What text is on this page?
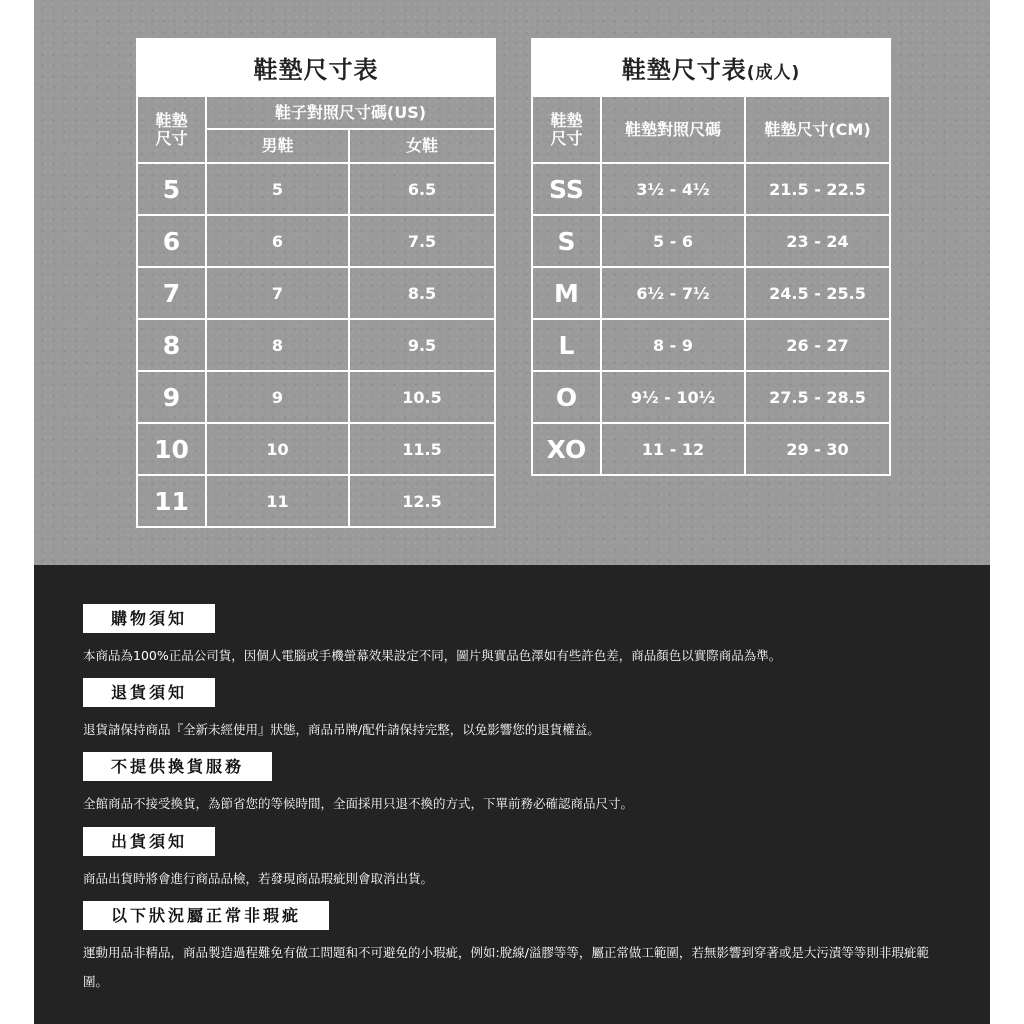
鞋墊尺寸表		
鞋墊
尺寸	鞋子對照尺寸碼(US)	
	男鞋	女鞋
5	5	6.5
6	6	7.5
7	7	8.5
8	8	9.5
9	9	10.5
10	10	11.5
11	11	12.5
鞋墊尺寸表(成人)		
鞋墊
尺寸	鞋墊對照尺碼	鞋墊尺寸(CM)
SS	3½ - 4½	21.5 - 22.5
S	5 - 6	23 - 24
M	6½ - 7½	24.5 - 25.5
L	8 - 9	26 - 27
O	9½ - 10½	27.5 - 28.5
XO	11 - 12	29 - 30
購物須知
本商品為100%正品公司貨，因個人電腦或手機螢幕效果設定不同，圖片與實品色澤如有些許色差，商品顏色以實際商品為準。
退貨須知
退貨請保持商品『全新未經使用』狀態，商品吊牌/配件請保持完整，以免影響您的退貨權益。
不提供換貨服務
全館商品不接受換貨，為節省您的等候時間，全面採用只退不換的方式，下單前務必確認商品尺寸。
出貨須知
商品出貨時將會進行商品品檢，若發現商品瑕疵則會取消出貨。
以下狀況屬正常非瑕疵
運動用品非精品，商品製造過程難免有做工問題和不可避免的小瑕疵，例如:脫線/溢膠等等，屬正常做工範圍，若無影響到穿著或是大污漬等等則非瑕疵範圍。
